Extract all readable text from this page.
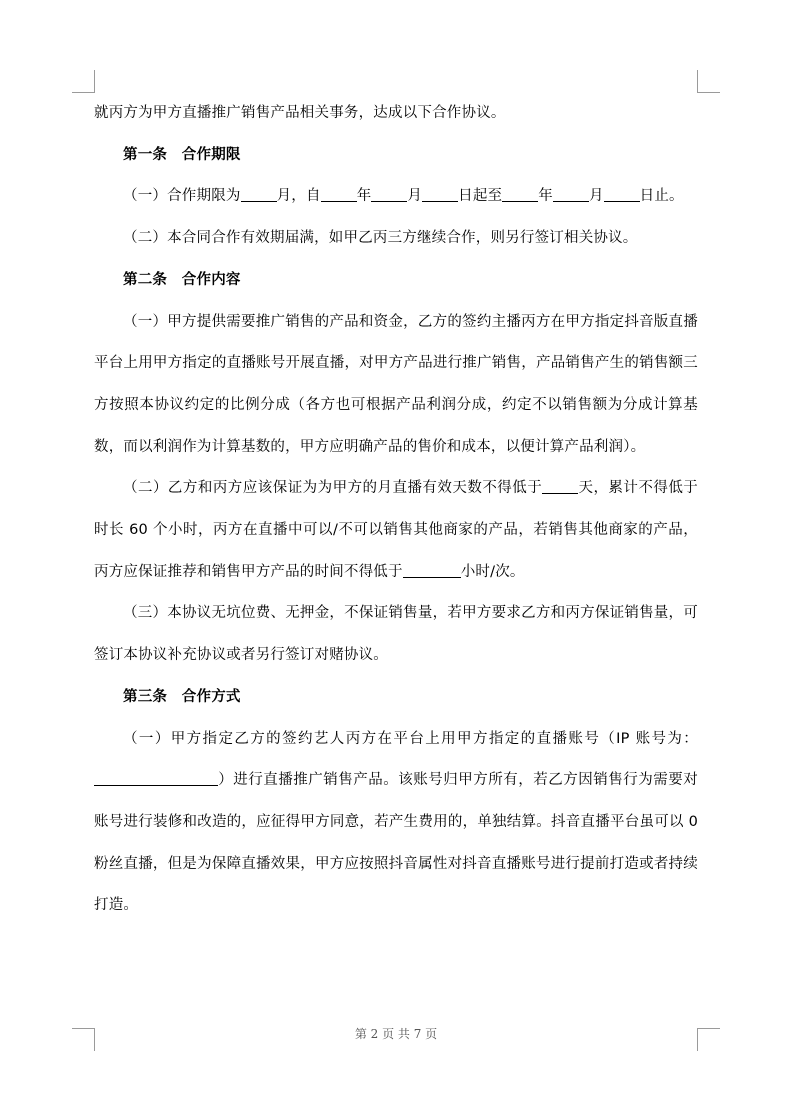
就丙方为甲方直播推广销售产品相关事务，达成以下合作协议。

第一条　合作期限

（一）合作期限为 月，自 年 月 日起至 年 月 日止。

（二）本合同合作有效期届满，如甲乙丙三方继续合作，则另行签订相关协议。

第二条　合作内容

（一）甲方提供需要推广销售的产品和资金，乙方的签约主播丙方在甲方指定抖音版直播平台上用甲方指定的直播账号开展直播，对甲方产品进行推广销售，产品销售产生的销售额三方按照本协议约定的比例分成（各方也可根据产品利润分成，约定不以销售额为分成计算基数，而以利润作为计算基数的，甲方应明确产品的售价和成本，以便计算产品利润）。

（二）乙方和丙方应该保证为为甲方的月直播有效天数不得低于 天，累计不得低于时长 60 个小时，丙方在直播中可以/不可以销售其他商家的产品，若销售其他商家的产品，丙方应保证推荐和销售甲方产品的时间不得低于	小时/次。

（三）本协议无坑位费、无押金，不保证销售量，若甲方要求乙方和丙方保证销售量，可签订本协议补充协议或者另行签订对赌协议。

第三条　合作方式

（一）甲方指定乙方的签约艺人丙方在平台上用甲方指定的直播账号（IP 账号为：）进行直播推广销售产品。该账号归甲方所有，若乙方因销售行为需要对账号进行装修和改造的，应征得甲方同意，若产生费用的，单独结算。抖音直播平台虽可以 0 粉丝直播，但是为保障直播效果，甲方应按照抖音属性对抖音直播账号进行提前打造或者持续打造。

第 2 页 共 7 页
